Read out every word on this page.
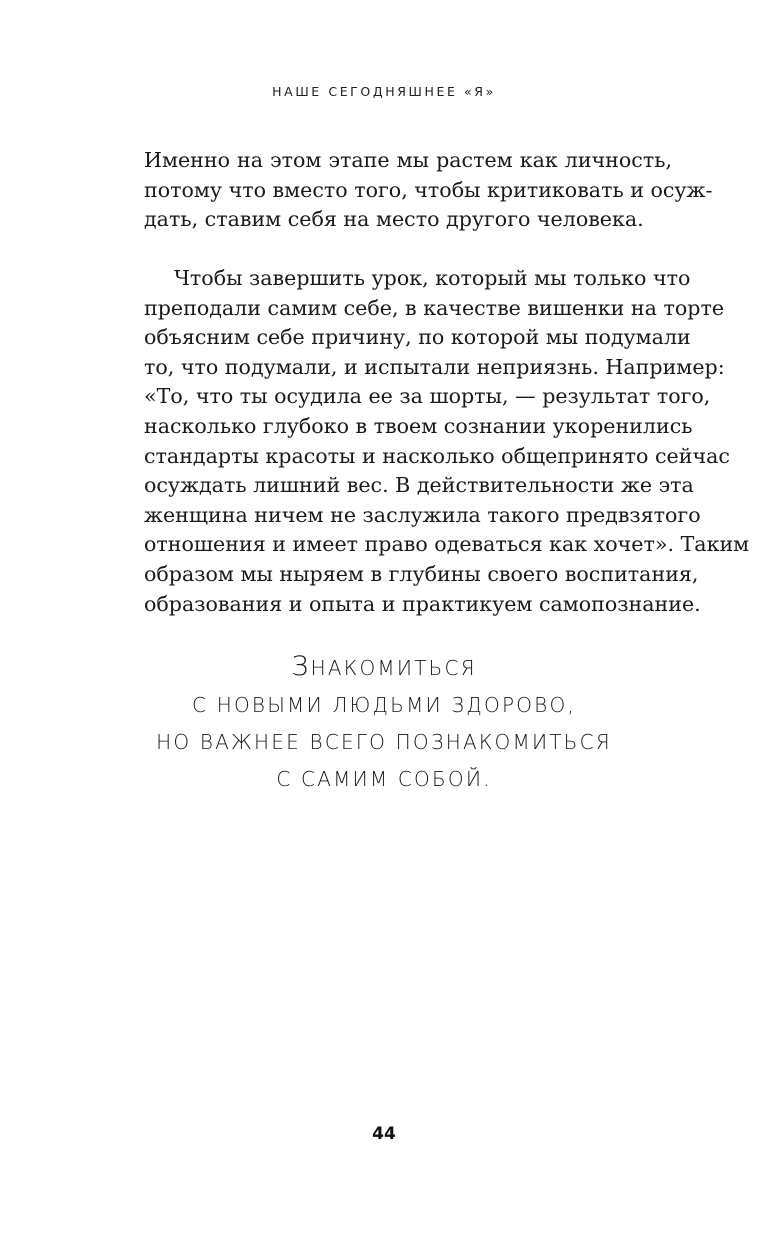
НАШЕ СЕГОДНЯШНЕЕ «Я»
Именно на этом этапе мы растем как личность,
потому что вместо того, чтобы критиковать и осуж-
дать, ставим себя на место другого человека.
Чтобы завершить урок, который мы только что
преподали самим себе, в качестве вишенки на торте
объясним себе причину, по которой мы подумали
то, что подумали, и испытали неприязнь. Например:
«То, что ты осудила ее за шорты, — результат того,
насколько глубоко в твоем сознании укоренились
стандарты красоты и насколько общепринято сейчас
осуждать лишний вес. В действительности же эта
женщина ничем не заслужила такого предвзятого
отношения и имеет право одеваться как хочет». Таким
образом мы ныряем в глубины своего воспитания,
образования и опыта и практикуем самопознание.
ЗНАКОМИТЬСЯ
С НОВЫМИ ЛЮДЬМИ ЗДОРОВО,
НО ВАЖНЕЕ ВСЕГО ПОЗНАКОМИТЬСЯ
С САМИМ СОБОЙ.
44
